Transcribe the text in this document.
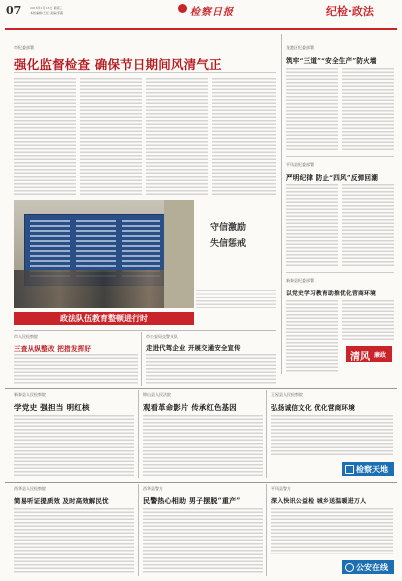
07	2016年1月13日 星期三
本版编辑/王虹 美编/邹露	检察日报	纪检·政法
市纪委部署
强化监督检查 确保节日期间风清气正
守信激励
失信惩戒
龙港区纪委部署
筑牢“三道”“安全生产”防火墙
平凤县纪委部署
严明纪律 防止“四风”反弹回潮
新泰县纪委部署
以党史学习教育助推优化营商环境
清风 廉政
政法队伍教育整顿进行时
市人民检察院
三查从纵整改 把措发挥好
市公安局交警支队
走进代驾企业 开展交通安全宣传
新泰县人民检察院
学党史 强担当 明红核
锦山县人民法院
观看革命影片 传承红色基因
王屋县人民检察院
弘扬诚信文化 优化营商环境
检察天地
西华县人民检察院
简易听证提质效 及时高效解民忧
西华县警方
民警热心相助 男子摆脱“重产”
平凤县警方
深入快讯公益检 城乡送温暖进万人
公安在线
